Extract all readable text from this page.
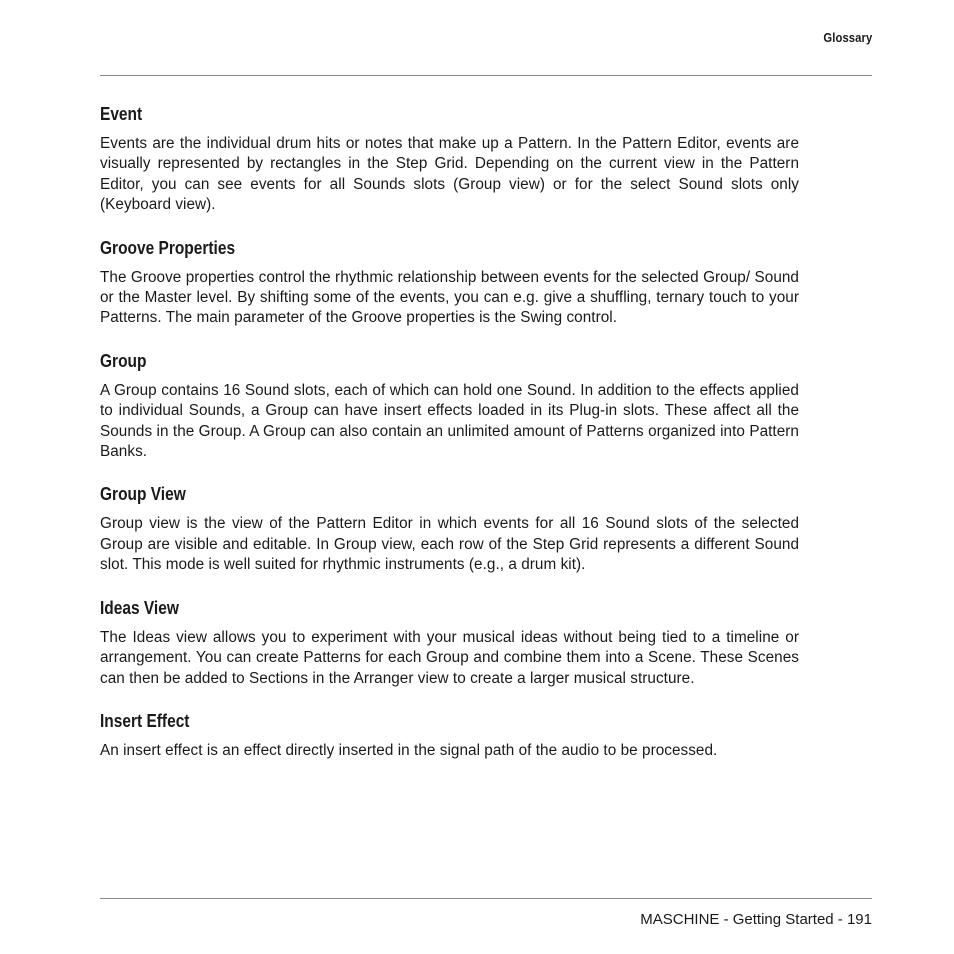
Glossary
Event

Events are the individual drum hits or notes that make up a Pattern. In the Pattern Editor, events are visually represented by rectangles in the Step Grid. Depending on the current view in the Pattern Editor, you can see events for all Sounds slots (Group view) or for the select Sound slots only (Keyboard view).

Groove Properties

The Groove properties control the rhythmic relationship between events for the selected Group/ Sound or the Master level. By shifting some of the events, you can e.g. give a shuffling, ternary touch to your Patterns. The main parameter of the Groove properties is the Swing control.

Group

A Group contains 16 Sound slots, each of which can hold one Sound. In addition to the effects applied to individual Sounds, a Group can have insert effects loaded in its Plug-in slots. These affect all the Sounds in the Group. A Group can also contain an unlimited amount of Patterns organized into Pattern Banks.

Group View

Group view is the view of the Pattern Editor in which events for all 16 Sound slots of the selected Group are visible and editable. In Group view, each row of the Step Grid represents a different Sound slot. This mode is well suited for rhythmic instruments (e.g., a drum kit).

Ideas View

The Ideas view allows you to experiment with your musical ideas without being tied to a timeline or arrangement. You can create Patterns for each Group and combine them into a Scene. These Scenes can then be added to Sections in the Arranger view to create a larger musical structure.

Insert Effect

An insert effect is an effect directly inserted in the signal path of the audio to be processed.

MASCHINE - Getting Started - 191
